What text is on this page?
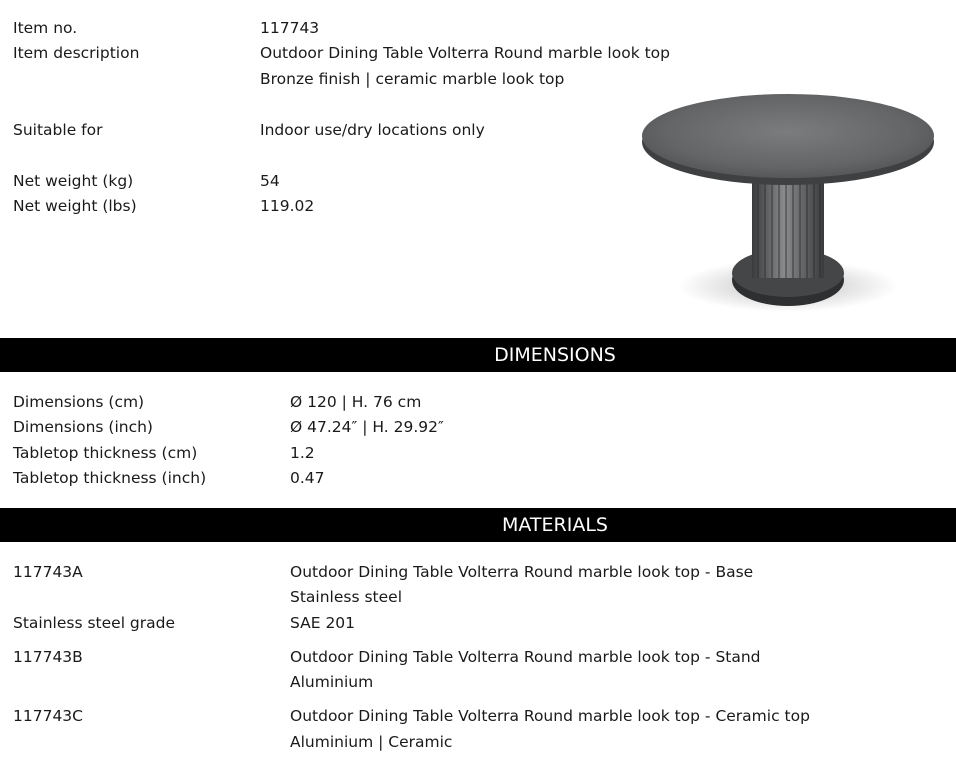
Item no.	117743
Item description	Outdoor Dining Table Volterra Round marble look top
Bronze finish | ceramic marble look top
Suitable for	Indoor use/dry locations only
Net weight (kg)	54
Net weight (lbs)	119.02
DIMENSIONS
Dimensions (cm)	Ø 120 | H. 76 cm
Dimensions (inch)	Ø 47.24″ | H. 29.92″
Tabletop thickness (cm)	1.2
Tabletop thickness (inch)	0.47
MATERIALS
117743A	Outdoor Dining Table Volterra Round marble look top - Base
Stainless steel
Stainless steel grade	SAE 201
117743B	Outdoor Dining Table Volterra Round marble look top - Stand
Aluminium
117743C	Outdoor Dining Table Volterra Round marble look top - Ceramic top
Aluminium | Ceramic
